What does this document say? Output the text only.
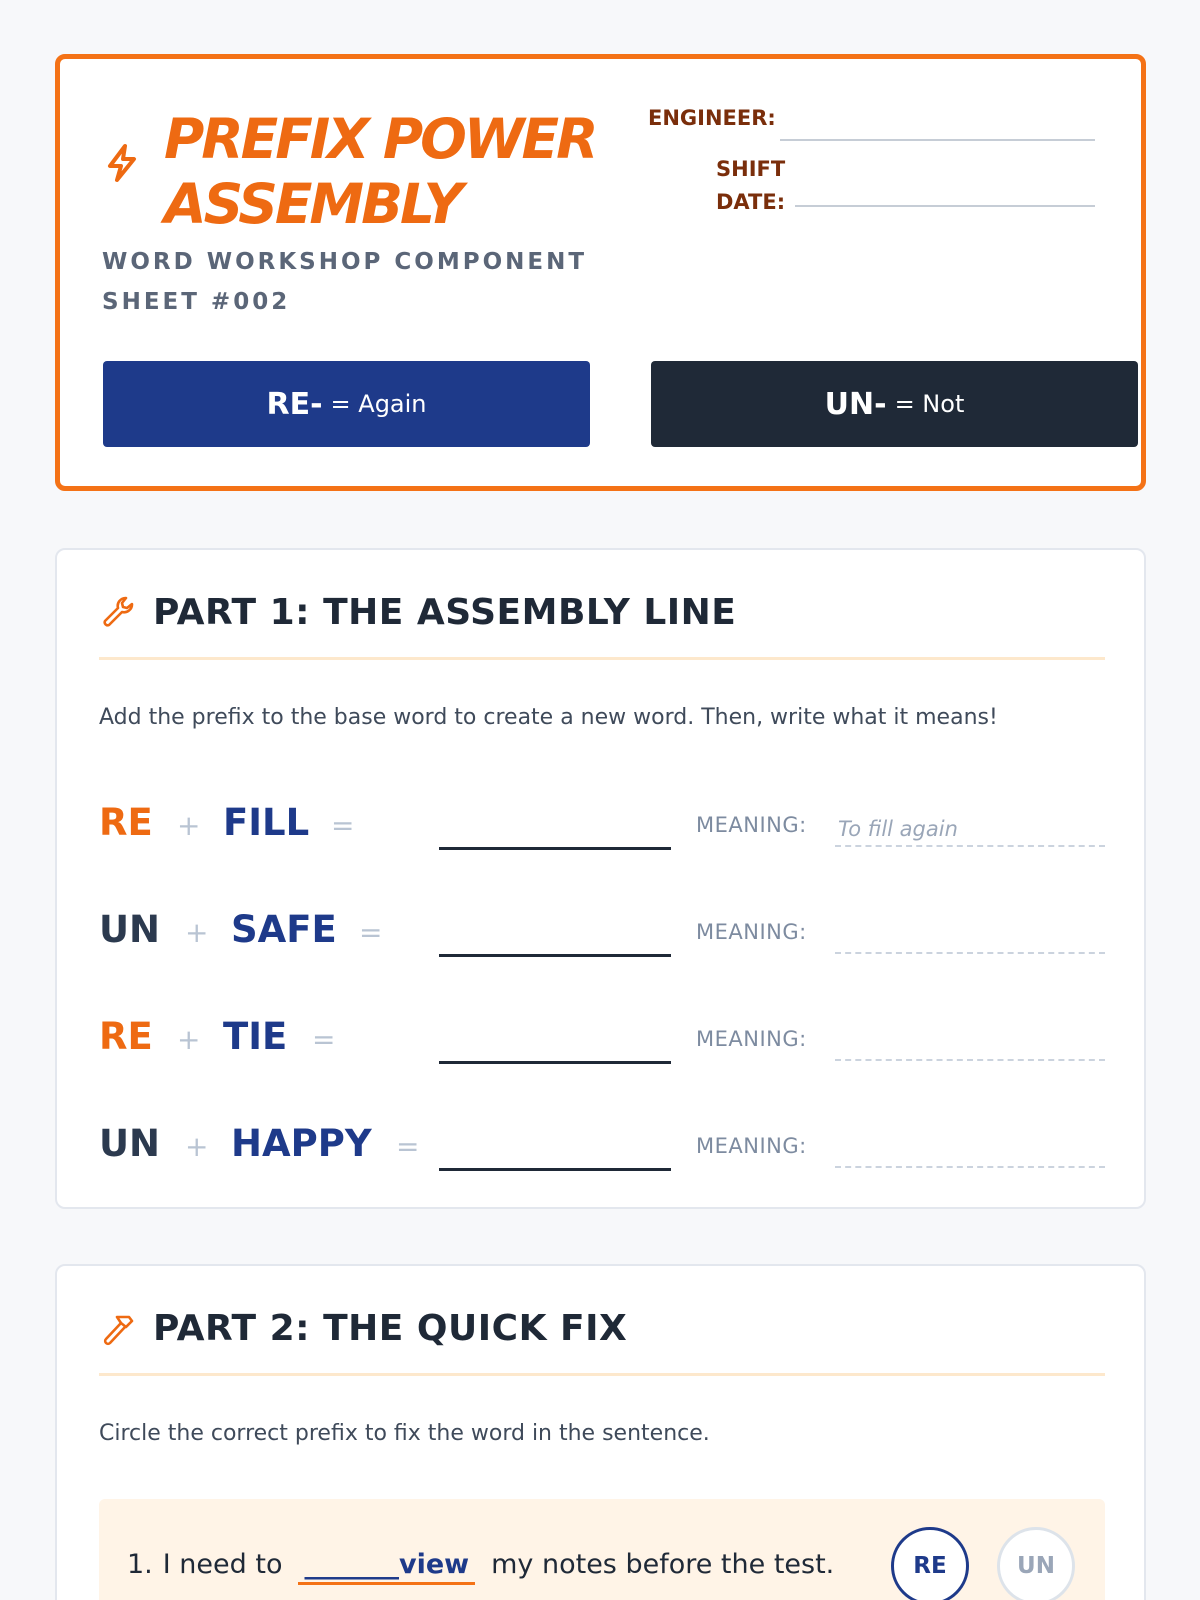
PREFIX POWER ASSEMBLY
WORD WORKSHOP COMPONENT SHEET #002
ENGINEER:
SHIFT DATE:
RE- = Again	UN- = Not
PART 1: THE ASSEMBLY LINE
Add the prefix to the base word to create a new word. Then, write what it means!
RE + FILL =	MEANING: To fill again
UN + SAFE =	MEANING:
RE + TIE =	MEANING:
UN + HAPPY =	MEANING:
PART 2: THE QUICK FIX
Circle the correct prefix to fix the word in the sentence.
1. I need to _______view my notes before the test.	RE	UN
